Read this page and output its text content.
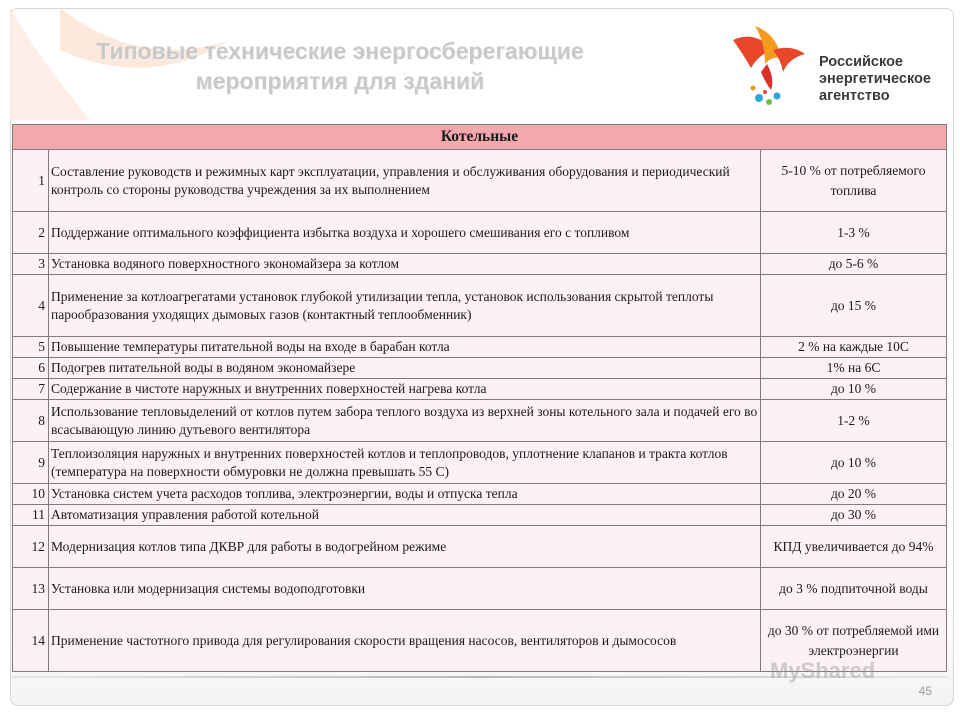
Типовые технические энергосберегающие
мероприятия для зданий
Российское
энергетическое
агентство
Котельные		
1	Составление руководств и режимных карт эксплуатации, управления и обслуживания оборудования и периодический контроль со стороны руководства учреждения за их выполнением	5-10 % от потребляемого топлива
2	Поддержание оптимального коэффициента избытка воздуха и хорошего смешивания его с топливом	1-3 %
3	Установка водяного поверхностного экономайзера за котлом	до 5-6 %
4	Применение за котлоагрегатами установок глубокой утилизации тепла, установок использования скрытой теплоты парообразования уходящих дымовых газов (контактный теплообменник)	до 15 %
5	Повышение температуры питательной воды на входе в барабан котла	2 % на каждые 10С
6	Подогрев питательной воды в водяном экономайзере	1% на 6С
7	Содержание в чистоте наружных и внутренних поверхностей нагрева котла	до 10 %
8	Использование тепловыделений от котлов путем забора теплого воздуха из верхней зоны котельного зала и подачей его во всасывающую линию дутьевого вентилятора	1-2 %
9	Теплоизоляция наружных и внутренних поверхностей котлов и теплопроводов, уплотнение клапанов и тракта котлов (температура на поверхности обмуровки не должна превышать 55 С)	до 10 %
10	Установка систем учета расходов топлива, электроэнергии, воды и отпуска тепла	до 20 %
11	Автоматизация управления работой котельной	до 30 %
12	Модернизация котлов типа ДКВР для работы в водогрейном режиме	КПД увеличивается до 94%
13	Установка или модернизация системы водоподготовки	до 3 % подпиточной воды
14	Применение частотного привода для регулирования скорости вращения насосов, вентиляторов и дымососов	до 30 % от потребляемой ими электроэнергии
MyShared
45
